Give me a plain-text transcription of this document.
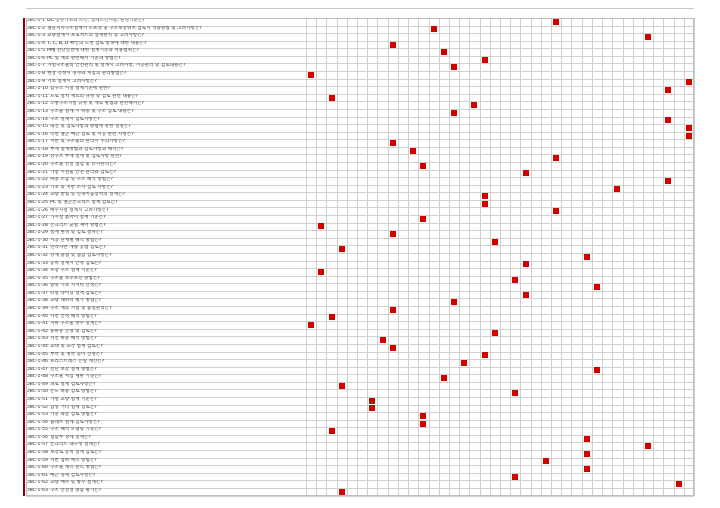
OBC-1-1 DC 장단기초의 조건, 설계조건시방, 판단기준은?
OBC-1-2 철골지지구조설계시 오프셋 및 구조보강위치 검토시 적용방법 및 고려사항은?
OBC-1-3 교량설계시 프로젝트의 설계원칙 및 고려사항은?
OBC-1-4 T, C, B, D 확인의 도면 검토 항목에 대한 내용은?
OBC-1-5 PMJ 전단연결에 대한 설계기준과 적용범위는?
OBC-1-6 PC 및 재료 관련해서 기준과 방법은?
OBC-1-7 가설구조물의 안전관리 및 설계시 고려사항, 시공관리 및 검토내용은?
OBC-1-8 현장 측정시 경사와 처짐의 관리방법은?
OBC-1-9 기초 설계시 고려사항은?
OBC-1-10 갑구조 시설 설계기준에 관한?
OBC-1-11 도로 설치 재료의 규정 및 검토 관련 내용은?
OBC-1-12 소방구조시설 규정 및 재료 방법과 관련해서는?
OBC-1-13 구조물 설계 시 하중 및 구조 검토 내용은?
OBC-1-14 구조 설계시 검토사항은?
OBC-1-15 내진 및 검토사항과 방법에 관한 설명은?
OBC-1-16 측면 철근 배근 검토 및 시공 관련 사항은?
OBC-1-17 지반 및 구조물의 관리시 주의사항은?
OBC-1-18 부재 설계방법과 검토사항과 해석은?
OBC-1-19 강구조 부재 설계 및 검토사항 관련?
OBC-1-20 구조물 안전 점검 및 유지관리는?
OBC-1-21 가설 시설물 안전 관리와 검토는?
OBC-1-22 하중 조합 및 구조 해석 방법은?
OBC-1-23 기초 및 지반 조사 검토 사항은?
OBC-1-24 교량 받침 및 신축이음장치의 설계는?
OBC-1-25 PC 및 철근콘크리트 설계 검토는?
OBC-1-26 배수시설 설계시 고려사항은?
OBC-1-27 가시설 흙막이 설계 기준은?
OBC-1-28 콘크리트 균열 제어 방법은?
OBC-1-29 설계 변경 및 검토 절차는?
OBC-1-30 시공 단계별 해석 방법은?
OBC-1-31 연약지반 개량 공법 검토는?
OBC-1-32 강재 용접 및 접합 검토사항은?
OBC-1-33 옹벽 설계시 안정 검토는?
OBC-1-34 포장 구조 설계 기준은?
OBC-1-35 구조물 보수보강 방법은?
OBC-1-36 말뚝 기초 지지력 산정은?
OBC-1-37 터널 라이닝 설계 검토는?
OBC-1-38 교량 내하력 평가 방법은?
OBC-1-39 구조 재료 시험 및 품질관리는?
OBC-1-40 사면 안정 해석 방법은?
OBC-1-41 지하 구조물 방수 설계는?
OBC-1-42 풍하중 산정 및 검토는?
OBC-1-43 지진 하중 해석 방법은?
OBC-1-44 교대 및 교각 설계 검토는?
OBC-1-45 부착 및 정착 길이 산정은?
OBC-1-46 프리스트레스 손실 계산은?
OBC-1-47 전단 보강 설계 방법은?
OBC-1-48 구조물 처짐 제한 기준은?
OBC-1-49 피로 설계 검토사항은?
OBC-1-50 온도 하중 검토 방법은?
OBC-1-51 가설 교량 설계 기준은?
OBC-1-52 합성 거더 설계 검토는?
OBC-1-53 기둥 좌굴 검토 방법은?
OBC-1-54 슬래브 설계 검토사항은?
OBC-1-55 구조 해석 모델링 기준은?
OBC-1-56 접합부 상세 설계는?
OBC-1-57 콘크리트 내구성 설계는?
OBC-1-58 보강토 옹벽 설계 검토는?
OBC-1-59 지반 침하 예측 방법은?
OBC-1-60 구조물 계측 관리 방법은?
OBC-1-61 배근 상세 검토사항은?
OBC-1-62 교량 배수 및 방수 설계는?
OBC-1-63 구조 안전성 종합 평가는?
